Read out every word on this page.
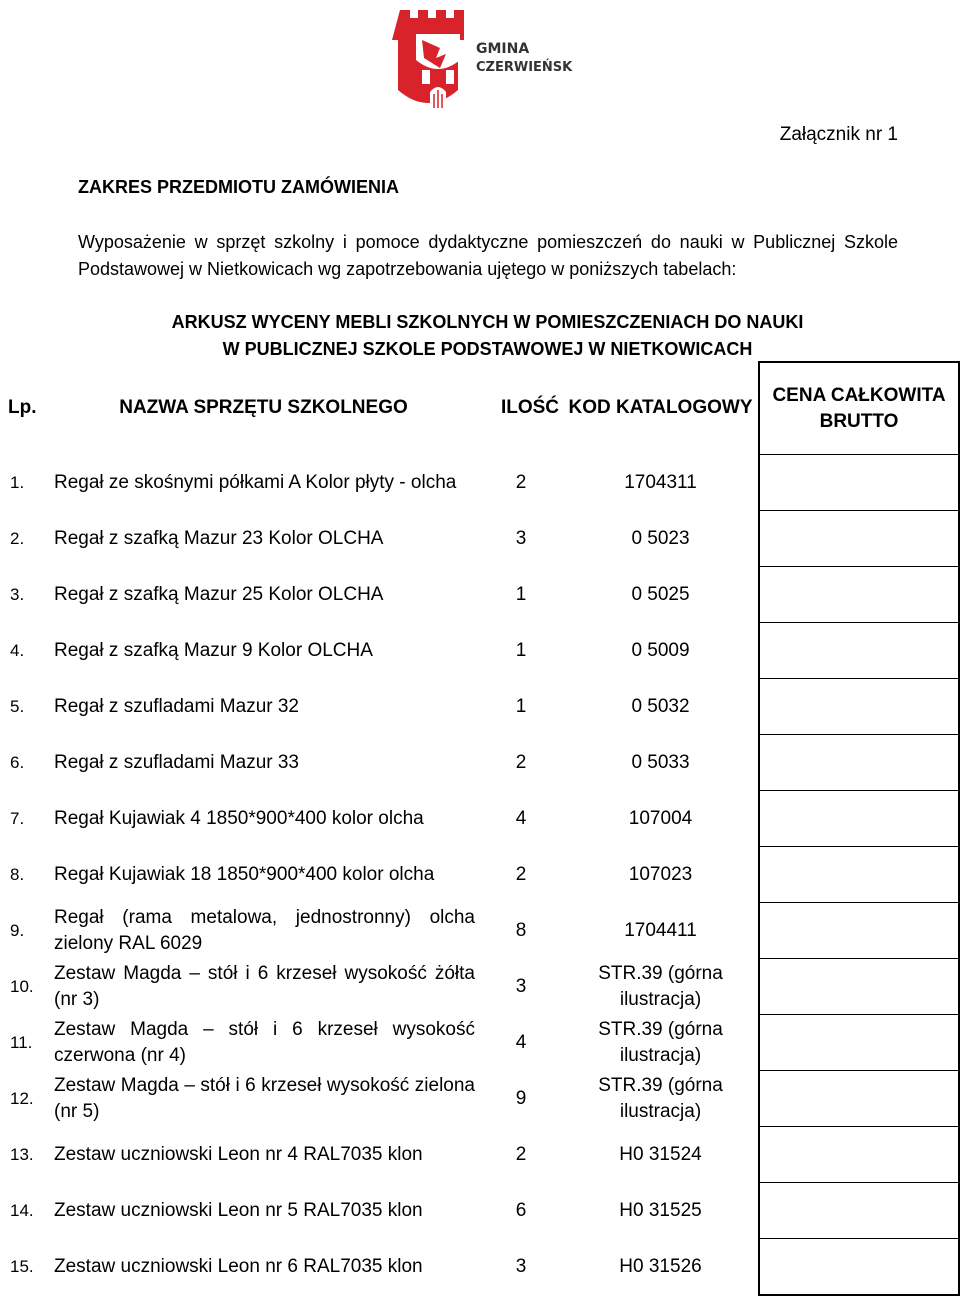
GMINA
CZERWIEŃSK
Załącznik nr 1
ZAKRES PRZEDMIOTU ZAMÓWIENIA
Wyposażenie w sprzęt szkolny i pomoce dydaktyczne pomieszczeń do nauki w Publicznej Szkole Podstawowej w Nietkowicach wg zapotrzebowania ujętego w poniższych tabelach:
ARKUSZ WYCENY MEBLI SZKOLNYCH W POMIESZCZENIACH DO NAUKI
W PUBLICZNEJ SZKOLE PODSTAWOWEJ W NIETKOWICACH
Lp.	NAZWA SPRZĘTU SZKOLNEGO	ILOŚĆ	KOD KATALOGOWY	CENA CAŁKOWITA
BRUTTO

1.	Regał ze skośnymi półkami A Kolor płyty - olcha	2	1704311	
2.	Regał z szafką Mazur 23 Kolor OLCHA	3	0 5023	
3.	Regał z szafką Mazur 25 Kolor OLCHA	1	0 5025	
4.	Regał z szafką Mazur 9 Kolor OLCHA	1	0 5009	
5.	Regał z szufladami Mazur 32	1	0 5032	
6.	Regał z szufladami Mazur 33	2	0 5033	
7.	Regał Kujawiak 4 1850*900*400 kolor olcha	4	107004	
8.	Regał Kujawiak 18 1850*900*400 kolor olcha	2	107023	
9.	Regał (rama metalowa, jednostronny) olcha zielony RAL 6029	8	1704411	
10.	Zestaw Magda – stół i 6 krzeseł wysokość żółta (nr 3)	3	STR.39 (górna ilustracja)	
11.	Zestaw Magda – stół i 6 krzeseł wysokość czerwona (nr 4)	4	STR.39 (górna ilustracja)	
12.	Zestaw Magda – stół i 6 krzeseł wysokość zielona (nr 5)	9	STR.39 (górna ilustracja)	
13.	Zestaw uczniowski Leon nr 4 RAL7035 klon	2	H0 31524	
14.	Zestaw uczniowski Leon nr 5 RAL7035 klon	6	H0 31525	
15.	Zestaw uczniowski Leon nr 6 RAL7035 klon	3	H0 31526	
